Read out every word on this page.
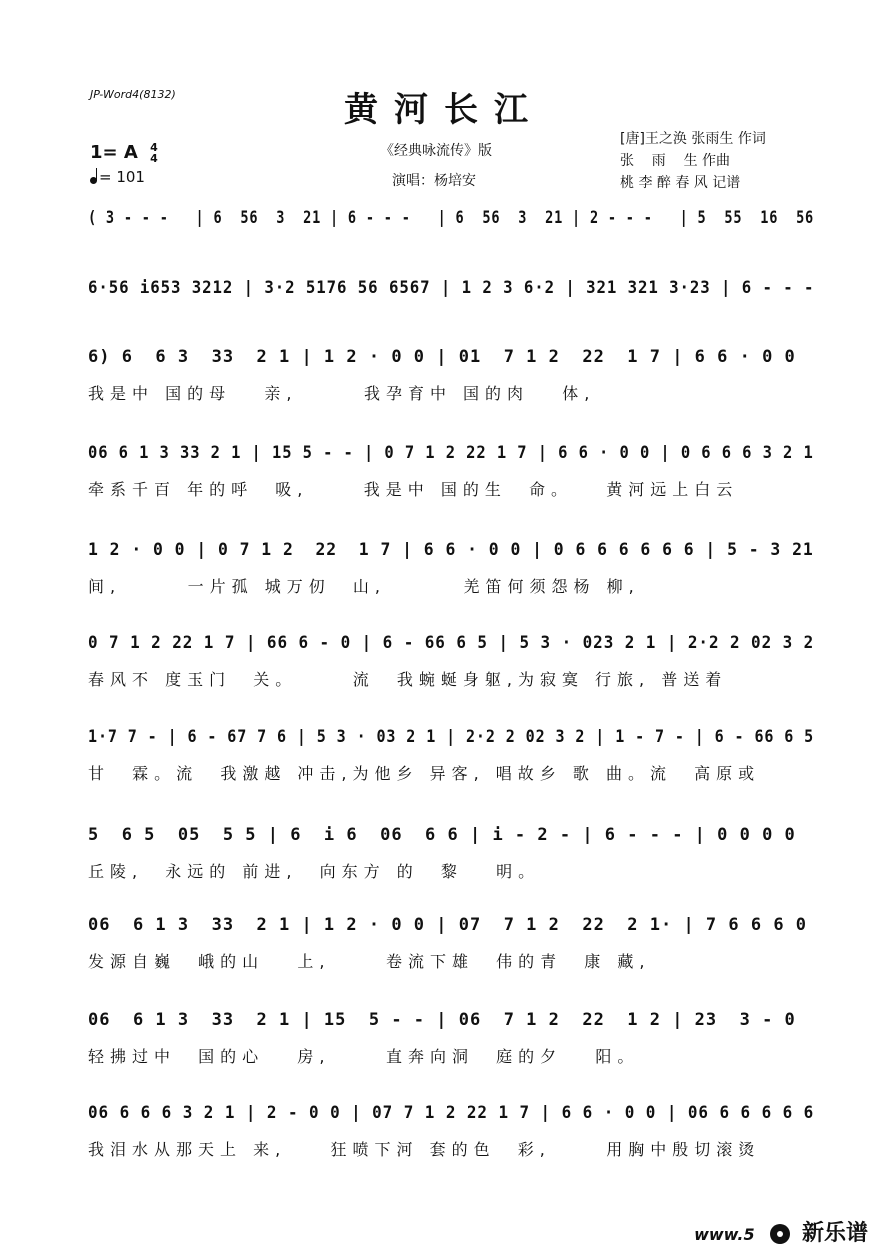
JP-Word4(8132)	黄河长江
1= A 4
4
= 101
《经典咏流传》版
演唱：杨培安
[唐]王之涣 张雨生 作词
张    雨    生 作曲
桃 李 醉 春 风 记谱
( 3 - - -   | 6  56  3  21 | 6 - - -   | 6  56  3  21 | 2 - - -   | 5  55  16  56
6·56 i653 3212 | 3·2 5176 56 6567 | 1 2 3 6·2 | 321 321 3·23 | 6 - - -
6) 6  6 3  33  2 1 | 1 2 · 0 0 | 01  7 1 2  22  1 7 | 6 6 · 0 0
我是中 国的母   亲,      我孕育中 国的肉   体,
06 6 1 3 33 2 1 | 15 5 - - | 0 7 1 2 22 1 7 | 6 6 · 0 0 | 0 6 6 6 3 2 1
牵系千百 年的呼  吸,     我是中 国的生  命。   黄河远上白云
1 2 · 0 0 | 0 7 1 2  22  1 7 | 6 6 · 0 0 | 0 6 6 6 6 6 6 | 5 - 3 21
间,      一片孤 城万仞  山,       羌笛何须怨杨 柳,
0 7 1 2 22 1 7 | 66 6 - 0 | 6 - 66 6 5 | 5 3 · 023 2 1 | 2·2 2 02 3 2
春风不 度玉门  关。     流  我蜿蜒身躯,为寂寞 行旅, 普送着
1·7 7 - | 6 - 67 7 6 | 5 3 · 03 2 1 | 2·2 2 02 3 2 | 1 - 7 - | 6 - 66 6 5
甘  霖。流  我激越 冲击,为他乡 异客, 唱故乡 歌 曲。流  高原或
5  6 5  05  5 5 | 6  i 6  06  6 6 | i - 2 - | 6 - - - | 0 0 0 0
丘陵,  永远的 前进,  向东方 的  黎   明。
06  6 1 3  33  2 1 | 1 2 · 0 0 | 07  7 1 2  22  2 1· | 7 6 6 6 0
发源自巍  峨的山   上,     卷流下雄  伟的青  康 藏,
06  6 1 3  33  2 1 | 15  5 - - | 06  7 1 2  22  1 2 | 23  3 - 0
轻拂过中  国的心   房,     直奔向洞  庭的夕   阳。
06 6 6 6 3 2 1 | 2 - 0 0 | 07 7 1 2 22 1 7 | 6 6 · 0 0 | 06 6 6 6 6 6
我泪水从那天上 来,    狂喷下河 套的色  彩,     用胸中殷切滚烫
www.5 新乐谱
